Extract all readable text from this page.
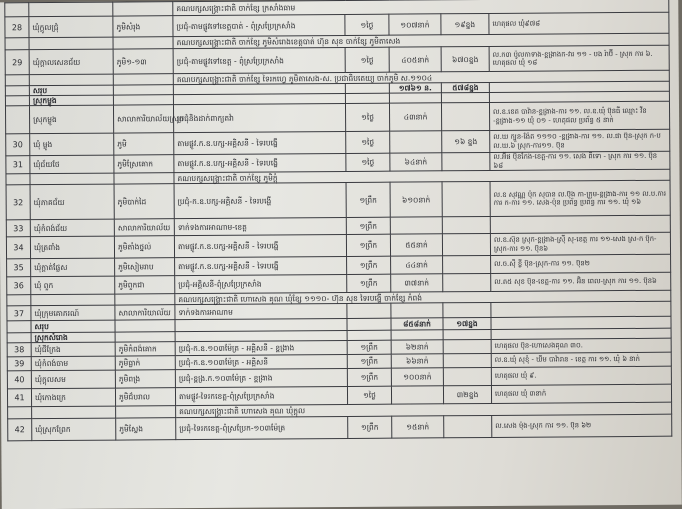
			គណបក្សសង្គ្រោះជាតិ ចាក់ខ្សែ ក្រសាំងធាម				
28	ឃុំក្ដូលជ្រុំ	ភូមិសំរុង	ប្រជុំ-តាមផ្លូវទៅខេត្តបាត់ - ពុំស្រប្រែក្រសាំង	១ថ្ងៃ	១០៧នាក់	១៩ខ្នង	ហេតុផល ឃុំ៩៧៨
			គណបក្សសង្គ្រោះជាតិ ចាក់ខ្សែ ភូមិសំរោងខេត្តបាត់ ហ៊ុន សុខ ចាក់ខ្សែ ភូមិតាសេង				
29	ឃុំក្ដាលសេនជ័យ	ភូមិ១-១៣	ប្រជុំ-តាមផ្លូវទៅខេត្ត - ពុំស្រប្រែក្រសាំង	១ថ្ងៃ	៤០៥នាក់	៦៧០ខ្នង	ល.ក៣ ប៉ូលកាទាង-ខ្ពង្រាងក-វារ ១១ - បង រ៉ាប៊ី - ស្រុក ការ ៦. ហេតុផល ឃុំ ១៨
			គណបក្សសង្គ្រោះជាតិ ចាក់ខ្សែ ទៃរកហ្វេ ភូមិតាសេង-ស. ប្រជាធិបតេយ្យ ចាក់ភូមិ ស.១១០៤				
	សរុប				១៧៦១ ន.	៥៧៨ខ្នង	
	ស្រុកម្លូង						
	ស្រុកម្លូង	សាលាការិយាល័យស្រុក	ប្រជុំនិងដាក់ពាក្យតវ៉ា	១ថ្ងៃ	៤៣នាក់		ល.ឧ.ខេត បាវ៉ាន-ខ្ពង្រាង-ការ ១១. ល.ឧ.ឃុំ ប៊ុនធី ឈ្មោះ វីន -ខ្ពង្រាង-១១ ឃុំ ០១ - ហេតុផល ប្រព័ន្ធ ៥ នាក់
30	ឃុំ ម្លូង	ភូមិ	តាមផ្លូវ.ក.ឧ.បក្ស-អគ្គិសនី - ទៃរបង្ហើ	១ថ្ងៃ		១៦ ខ្នង	ល.ឃ ក្បួន-ង៉ែត ១១១០ -ខ្ពង្រាង-ការ ១១. ល.ផា ប៊ុន-ស្រុក ក-ប ល.ឃ.៦ ស្រុក-ការ១១. ប៊ុន
31	ឃុំជ័យថែ	ភូមិស្រែគោក	តាមផ្លូវ.ក.ឧ.បក្ស-អគ្គិសនី - ទៃរបង្ហើ	១ថ្ងៃ	៦៤នាក់		ល.អ៊ីផ ប៊ុនកែង-ខេត្ត-ការ ១១. សេង ពិទោ - ស្រុក ការ ១១. ប៊ុន ៦៨
			គណបក្សសង្គ្រោះជាតិ ចាក់ខ្សែ ភូមិក្ដុំ				
32	ឃុំភាគជ័យ	ភូមិបាក់ដៃ	ប្រជុំ-ក.ឧ.បក្ស-អគ្គិសនី - ទៃរបង្ហើ	១ព្រឹក	៦១០នាក់		ល.ឧ សុវណ្ណ ប៉ុក សុបាន ល.ប៊ុង កា-ក្រុម-ខ្ពង្រាង-ការ ១១ ល.ប.ការ ការ ក-ការ ១១. សេង-ប៉ុន ប្រព័ន្ធ ប្រព័ន្ធ ការ ១១. ឃុំ ១៦
33	ឃុំកំពង់ជ័យ	សាលាការិយាល័យ	ទាក់ទងការអាណាម-ខេត្ត	១ព្រឹក			
34	ឃុំត្រពាំង	ភូមិតាំងថ្នល់	តាមផ្លូវ.ក.ឧ.បក្ស-អគ្គិសនី - ទៃរបង្ហើ	១ព្រឹក	៥៥នាក់		ល.ឧ.ស៊ុន ស្រុក-ខ្ពង្រាង-ស្រ៊ី សុ-ខេត្ត ការ ១១-សេង ស្រ-ក ប៊ុក-ស្រុក-ការ ១១. ប៊ុន៦
35	ឃុំក្ដាត់ផ្លែស	ភូមិសៀមរាប	តាមផ្លូវ.ក.ឧ.បក្ស-អគ្គិសនី - ទៃរបង្ហើ	១ព្រឹក	៤៤នាក់		ល.ច.ស៊ី ខ្លី ប៊ុន-ស្រុក-ការ ១១. ប៊ុន២
36	ឃុំ ពួក	ភូមិពួកជា	ប្រជុំ-អគ្គិសនី-ពុំស្រប្រែក្រសាំង	១ព្រឹក	៣៧នាក់		ល.ត៥ សុខ ប៊ុន-ខេត្ត-ការ ១១. អ៊ិន ពេល-ស្រុក ការ ១១. ប៊ុន៦
			គណបក្សសង្គ្រោះជាតិ ហោសេង គុណ ឃុំខ្សែ ១១១០- ហ៊ុន សុខ ទៃរបង្ហើ ចាក់ខ្សែ កំពង់				
37	ឃុំក្រុមគោភរណ៍	សាលាការិយាល័យ	ទាក់ទងការអាណាម				
	សរុប				៨៥៨នាក់	១៧ខ្នង	
	ស្រុកសំរោង						
38	ឃុំជីក្រែង	ភូមិកំពង់គោក	ប្រជុំ-ក.ឧ.១០៣ម៉ែត្រ - អគ្គិសនី - ខ្ពង្រាង	១ព្រឹក	៦២នាក់		ហេតុផល ប៊ុន-ហោសេងគុណ ៣០.
39	ឃុំកំពង់ចាម	ភូមិធ្លាក់	ប្រជុំ-ក.ឧ.១០៣ម៉ែត្រ - អគ្គិសនី	១ព្រឹក	៦៦នាក់		ល.ឧ.ឃុំ សុខុំ - ឃីម បាវ៉ារាន - ខេត្ត ការ ១១. ឃុំ ៦ នាក់
40	ឃុំក្ដុលសម	ភូមិពង្រ	ប្រជុំ-ខ្ពង្រ.ក.១០៣ម៉ែត្រ - ខ្ពង្រាង	១ព្រឹក	១០០នាក់		ហេតុផល ឃុំ ៩.
41	ឃុំកោងក្រេ	ភូមិជ៏បរាល	តាមផ្លូវ-ទៃរកខេត្ត-ពុំស្រប្រែក្រសាំង	១ថ្ងៃ		៣២ខ្នង	ហេតុផល ឃុំ ៣នាក់
			គណបក្សសង្គ្រោះជាតិ ហោសេង គុណ ឃុំក្ដុល				
42	ឃុំស្រុកព្រែក	ភូមិស្លែង	ប្រជុំ-ទៃរកខេត្ត-ពុំស្រប្រែក-១០៣ម៉ែត្រ	១ព្រឹក	១៥នាក់		ល.សេង ម៉ុង-ស្រុក ការ ១១. ប៊ុន ៦២
